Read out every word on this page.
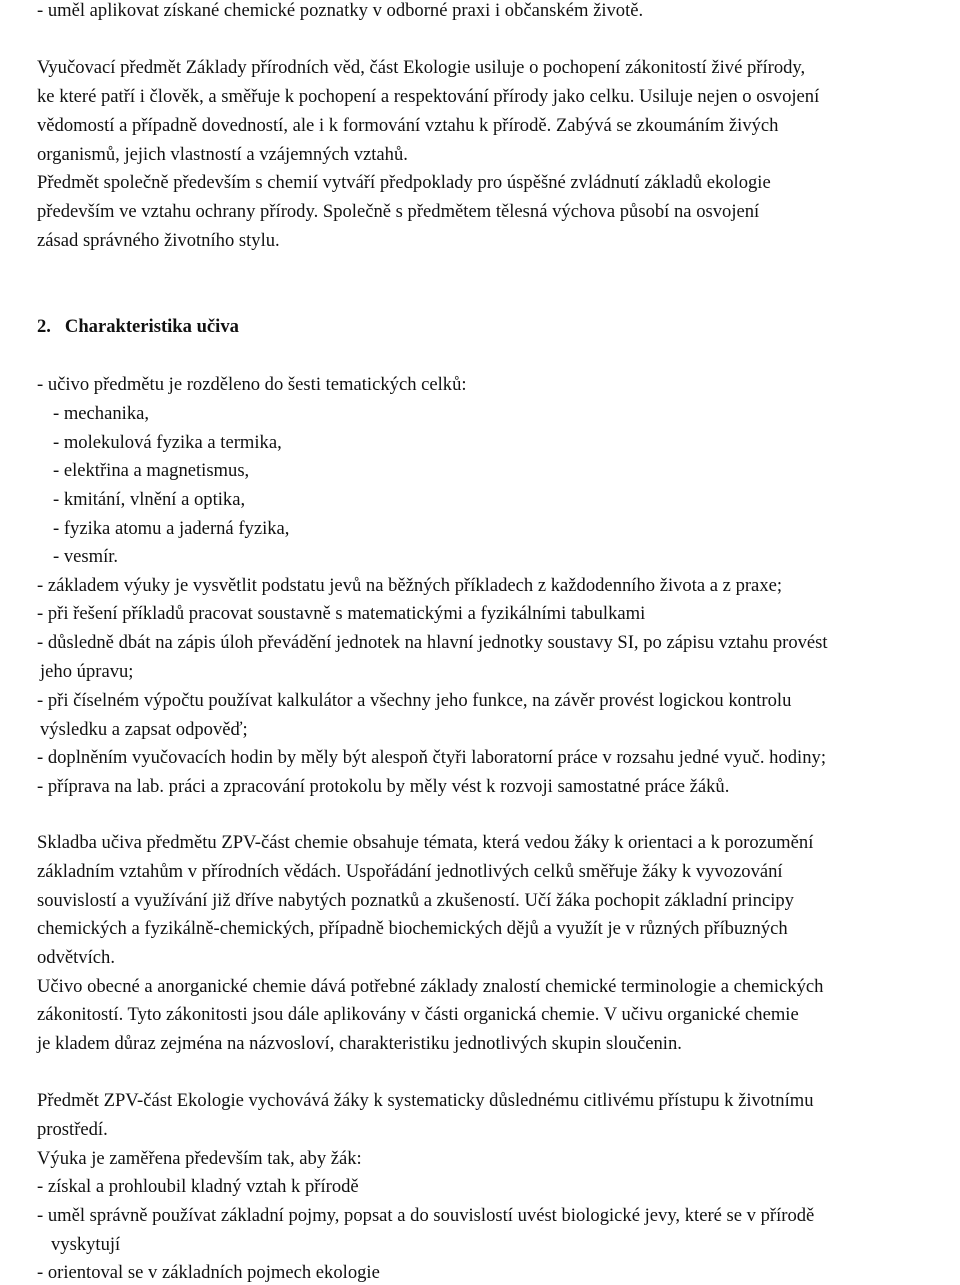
- uměl aplikovat získané chemické poznatky v odborné praxi i občanském životě.
Vyučovací předmět Základy přírodních věd, část Ekologie usiluje o pochopení zákonitostí živé přírody,
ke které patří i člověk, a směřuje k pochopení a respektování přírody jako celku. Usiluje nejen o osvojení
vědomostí a případně dovedností, ale i k formování vztahu k přírodě. Zabývá se zkoumáním živých
organismů, jejich vlastností a vzájemných vztahů.
Předmět společně především s chemií vytváří předpoklady pro úspěšné zvládnutí základů ekologie
především ve vztahu ochrany přírody. Společně s předmětem tělesná výchova působí na osvojení
zásad správného životního stylu.
2.   Charakteristika učiva
- učivo předmětu je rozděleno do šesti tematických celků:
- mechanika,
- molekulová fyzika a termika,
- elektřina a magnetismus,
- kmitání, vlnění a optika,
- fyzika atomu a jaderná fyzika,
- vesmír.
- základem výuky je vysvětlit podstatu jevů na běžných příkladech z každodenního života a z praxe;
- při řešení příkladů pracovat soustavně s matematickými a fyzikálními tabulkami
- důsledně dbát na zápis úloh převádění jednotek na hlavní jednotky soustavy SI, po zápisu vztahu provést
jeho úpravu;
- při číselném výpočtu používat kalkulátor a všechny jeho funkce, na závěr provést logickou kontrolu
výsledku a zapsat odpověď;
- doplněním vyučovacích hodin by měly být alespoň čtyři laboratorní práce v rozsahu jedné vyuč. hodiny;
- příprava na lab. práci a zpracování protokolu by měly vést k rozvoji samostatné práce žáků.
Skladba učiva předmětu ZPV-část chemie obsahuje témata, která vedou žáky k orientaci a k porozumění
základním vztahům v přírodních vědách. Uspořádání jednotlivých celků směřuje žáky k vyvozování
souvislostí a využívání již dříve nabytých poznatků a zkušeností. Učí žáka pochopit základní principy
chemických a fyzikálně-chemických, případně biochemických dějů a využít je v různých příbuzných
odvětvích.
Učivo obecné a anorganické chemie dává potřebné základy znalostí chemické terminologie a chemických
zákonitostí. Tyto zákonitosti jsou dále aplikovány v části organická chemie. V učivu organické chemie
je kladem důraz zejména na názvosloví, charakteristiku jednotlivých skupin sloučenin.
Předmět ZPV-část Ekologie vychovává žáky k systematicky důslednému citlivému přístupu k životnímu
prostředí.
Výuka je zaměřena především tak, aby žák:
- získal a prohloubil kladný vztah k přírodě
- uměl správně používat základní pojmy, popsat a do souvislostí uvést biologické jevy, které se v přírodě
vyskytují
- orientoval se v základních pojmech ekologie
